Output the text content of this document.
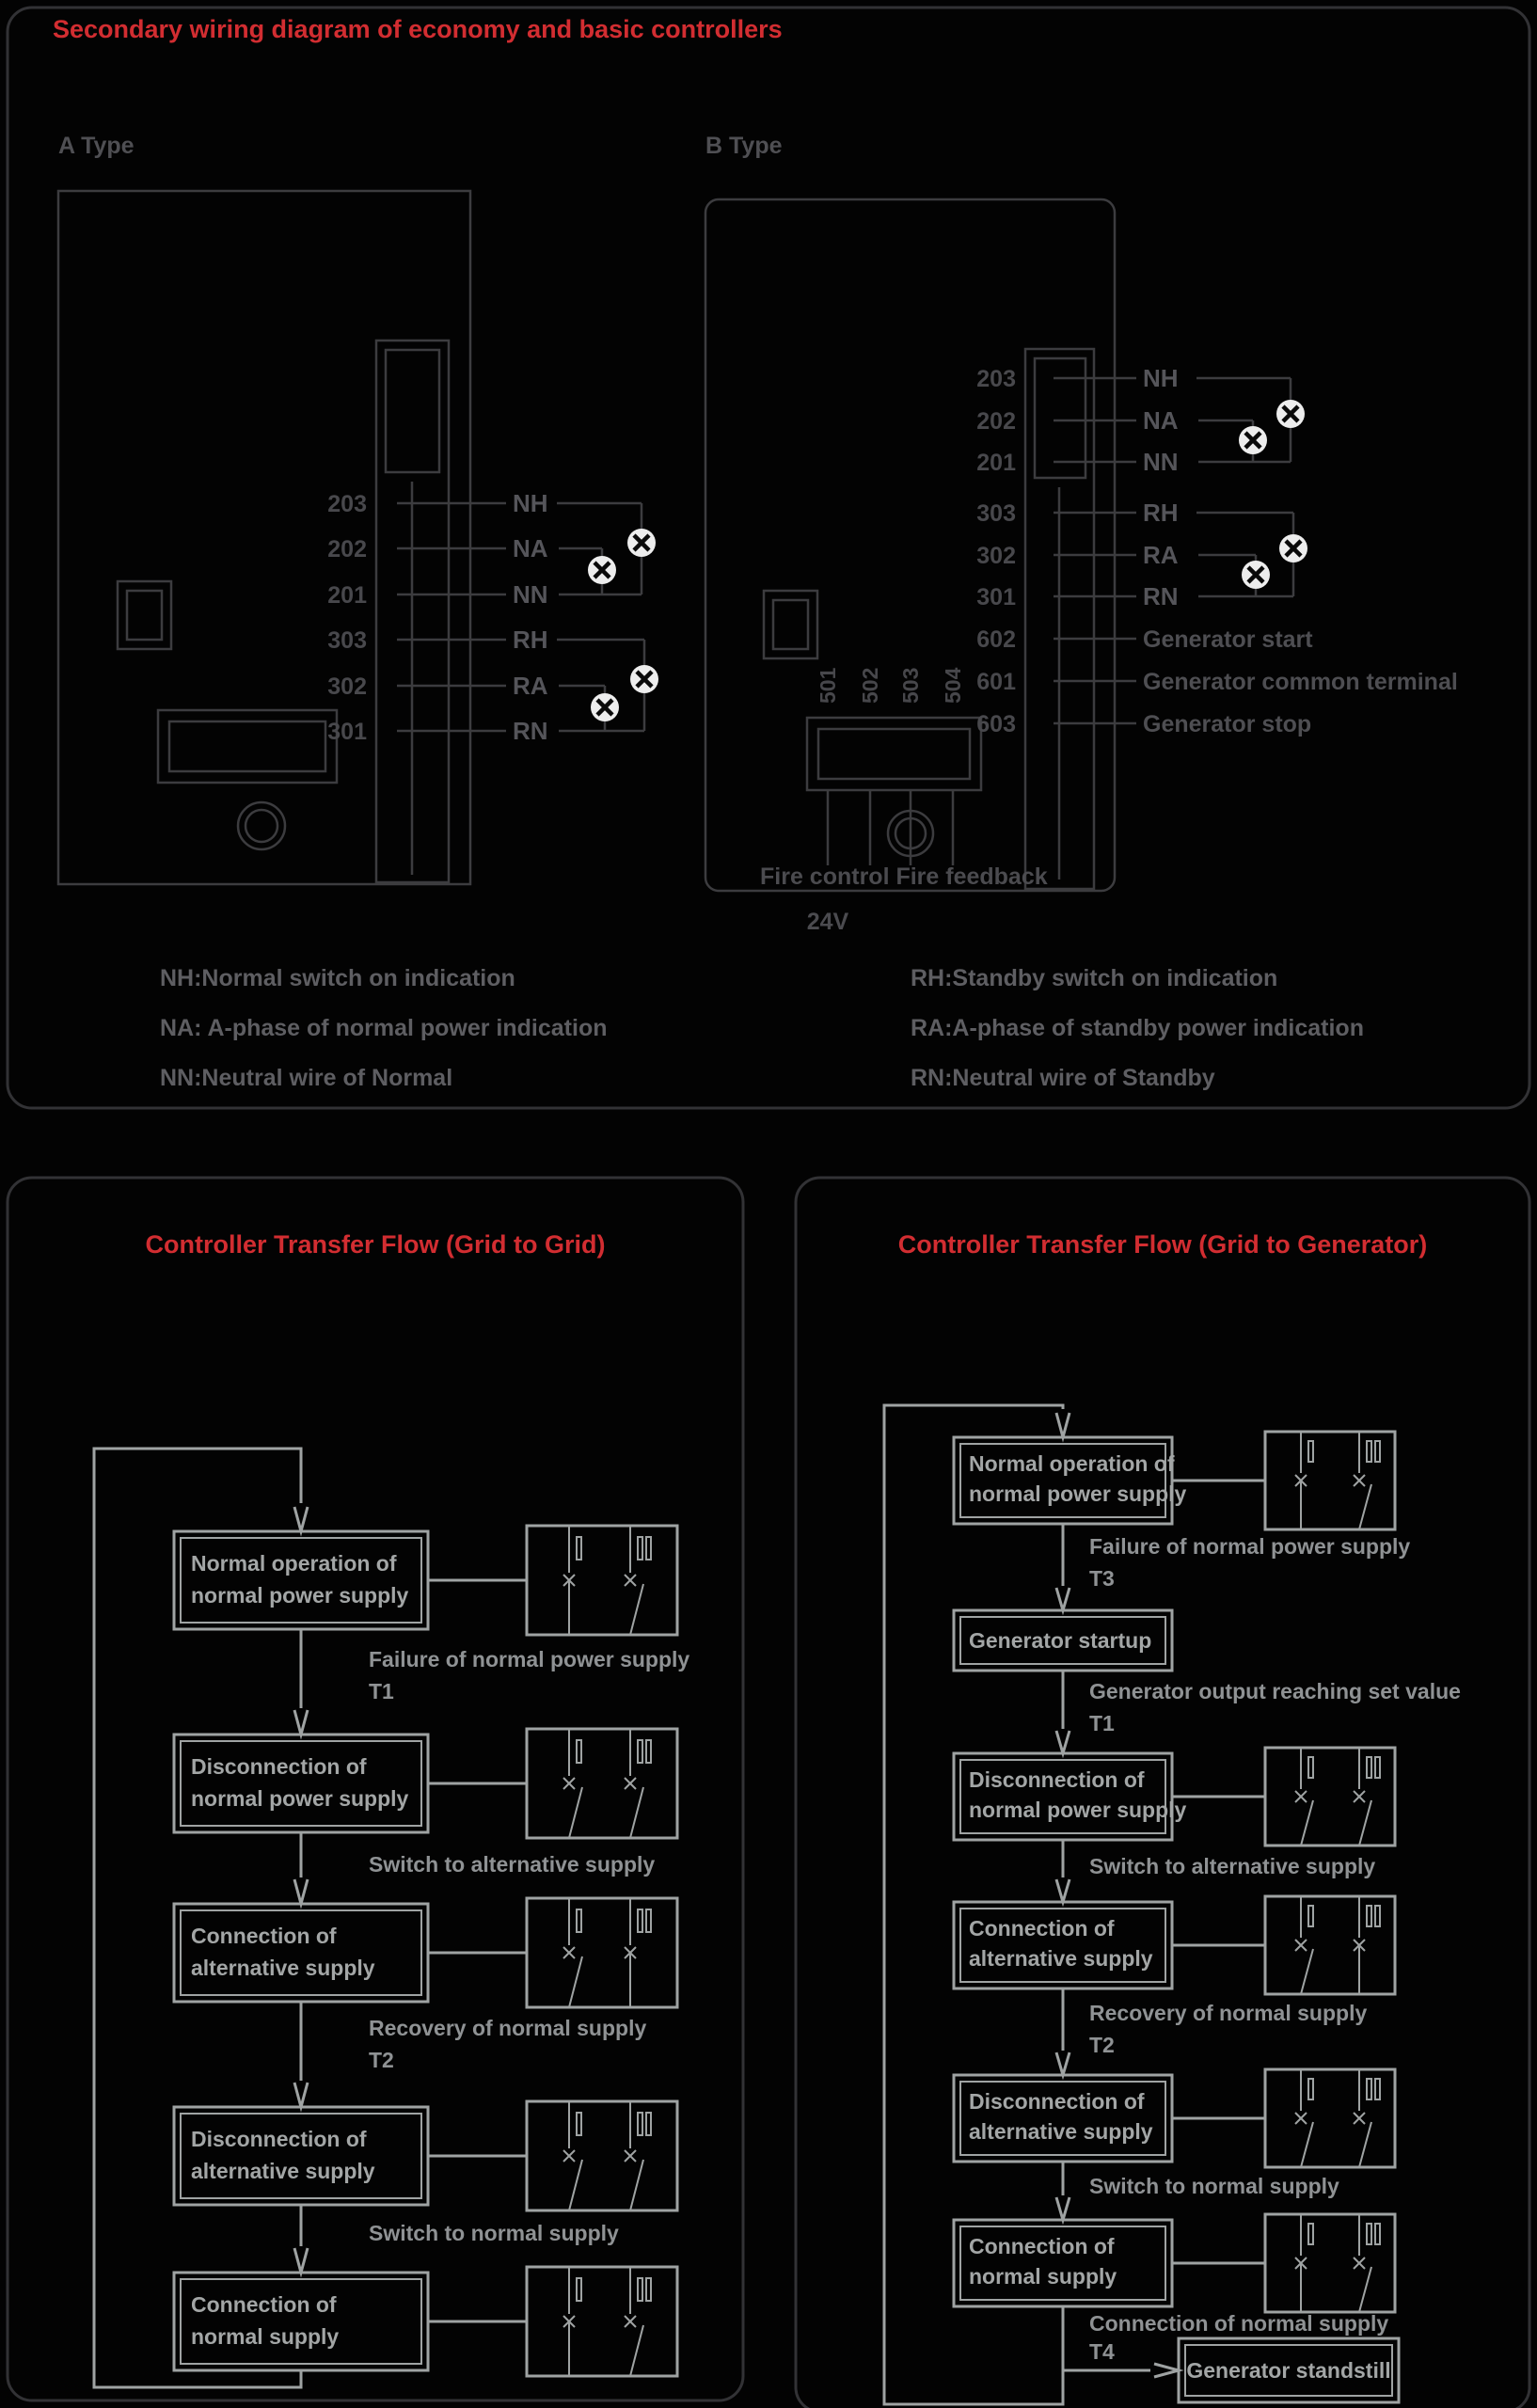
Secondary wiring diagram of economy and basic controllers
A Type	B Type
203
202
201
303
302
301
NH
NA
NN
RH
RA
RN
501 502 503 504
Fire control Fire feedback
24V
203
202
201
303
302
301
602
601
603
NH
NA
NN
RH
RA
RN
Generator start
Generator common terminal
Generator stop
NH:Normal switch on indication
NA: A-phase of normal power indication
NN:Neutral wire of Normal
RH:Standby switch on indication
RA:A-phase of standby power indication
RN:Neutral wire of Standby
Controller Transfer Flow (Grid to Grid)
Normal operation of
normal power supply
Disconnection of
normal power supply
Connection of
alternative supply
Disconnection of
alternative supply
Connection of
normal supply
Failure of normal power supply
T1
Switch to alternative supply
Recovery of normal supply
T2
Switch to normal supply
Controller Transfer Flow (Grid to Generator)
Normal operation of
normal power supply
Generator startup
Disconnection of
normal power supply
Connection of
alternative supply
Disconnection of
alternative supply
Connection of
normal supply
Generator standstill
Failure of normal power supply
T3
Generator output reaching set value
T1
Switch to alternative supply
Recovery of normal supply
T2
Switch to normal supply
Connection of normal supply
T4
